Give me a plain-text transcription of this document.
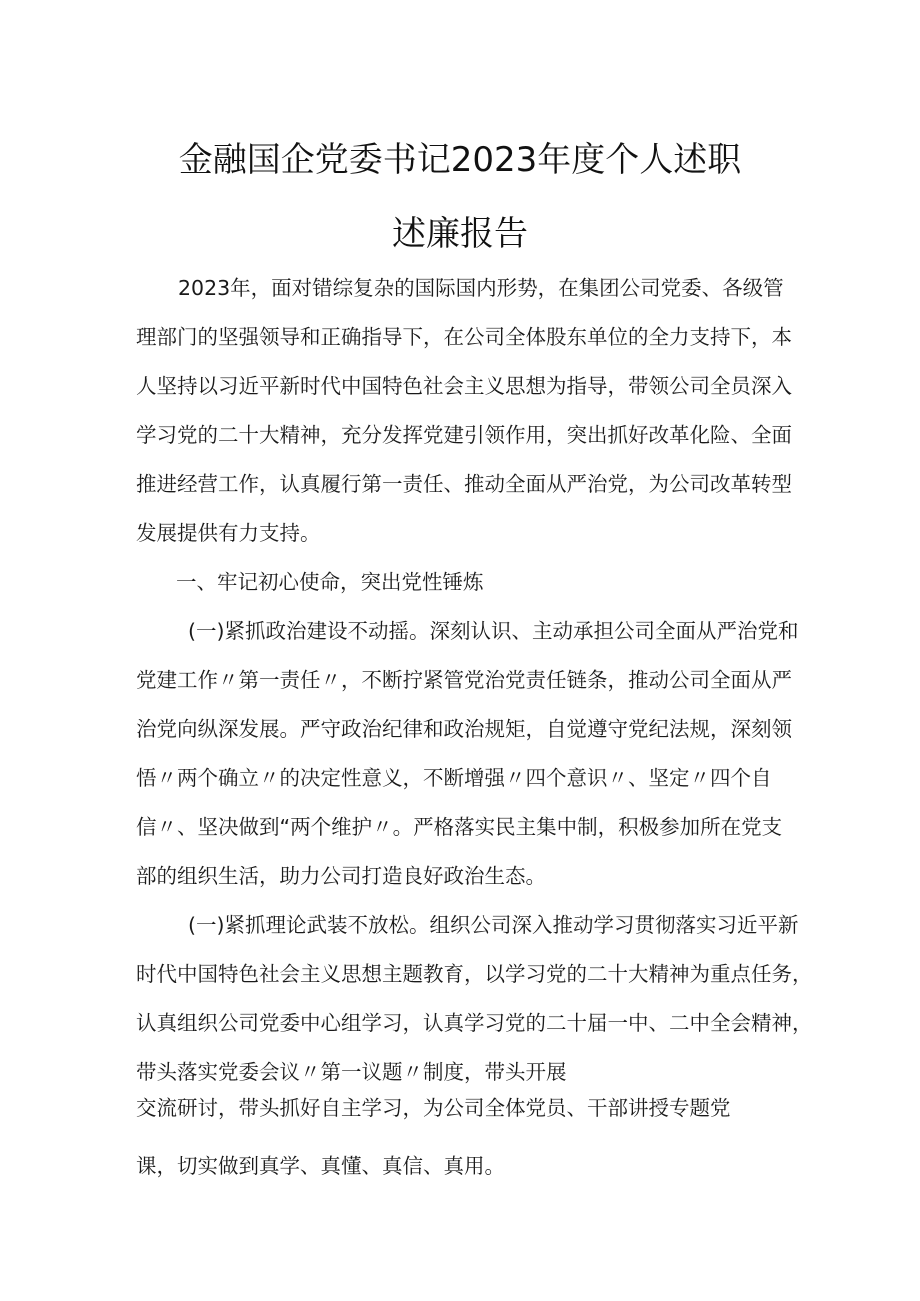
金融国企党委书记2023年度个人述职
述廉报告
2023年，面对错综复杂的国际国内形势，在集团公司党委、各级管
理部门的坚强领导和正确指导下，在公司全体股东单位的全力支持下，本
人坚持以习近平新时代中国特色社会主义思想为指导，带领公司全员深入
学习党的二十大精神，充分发挥党建引领作用，突出抓好改革化险、全面
推进经营工作，认真履行第一责任、推动全面从严治党，为公司改革转型
发展提供有力支持。
一、牢记初心使命，突出党性锤炼
(一)紧抓政治建设不动摇。深刻认识、主动承担公司全面从严治党和
党建工作〃第一责任〃，不断拧紧管党治党责任链条，推动公司全面从严
治党向纵深发展。严守政治纪律和政治规矩，自觉遵守党纪法规，深刻领
悟〃两个确立〃的决定性意义，不断增强〃四个意识〃、坚定〃四个自
信〃、坚决做到“两个维护〃。严格落实民主集中制，积极参加所在党支
部的组织生活，助力公司打造良好政治生态。
(一)紧抓理论武装不放松。组织公司深入推动学习贯彻落实习近平新
时代中国特色社会主义思想主题教育，以学习党的二十大精神为重点任务，
认真组织公司党委中心组学习，认真学习党的二十届一中、二中全会精神，
带头落实党委会议〃第一议题〃制度，带头开展
交流研讨，带头抓好自主学习，为公司全体党员、干部讲授专题党
课，切实做到真学、真懂、真信、真用。
